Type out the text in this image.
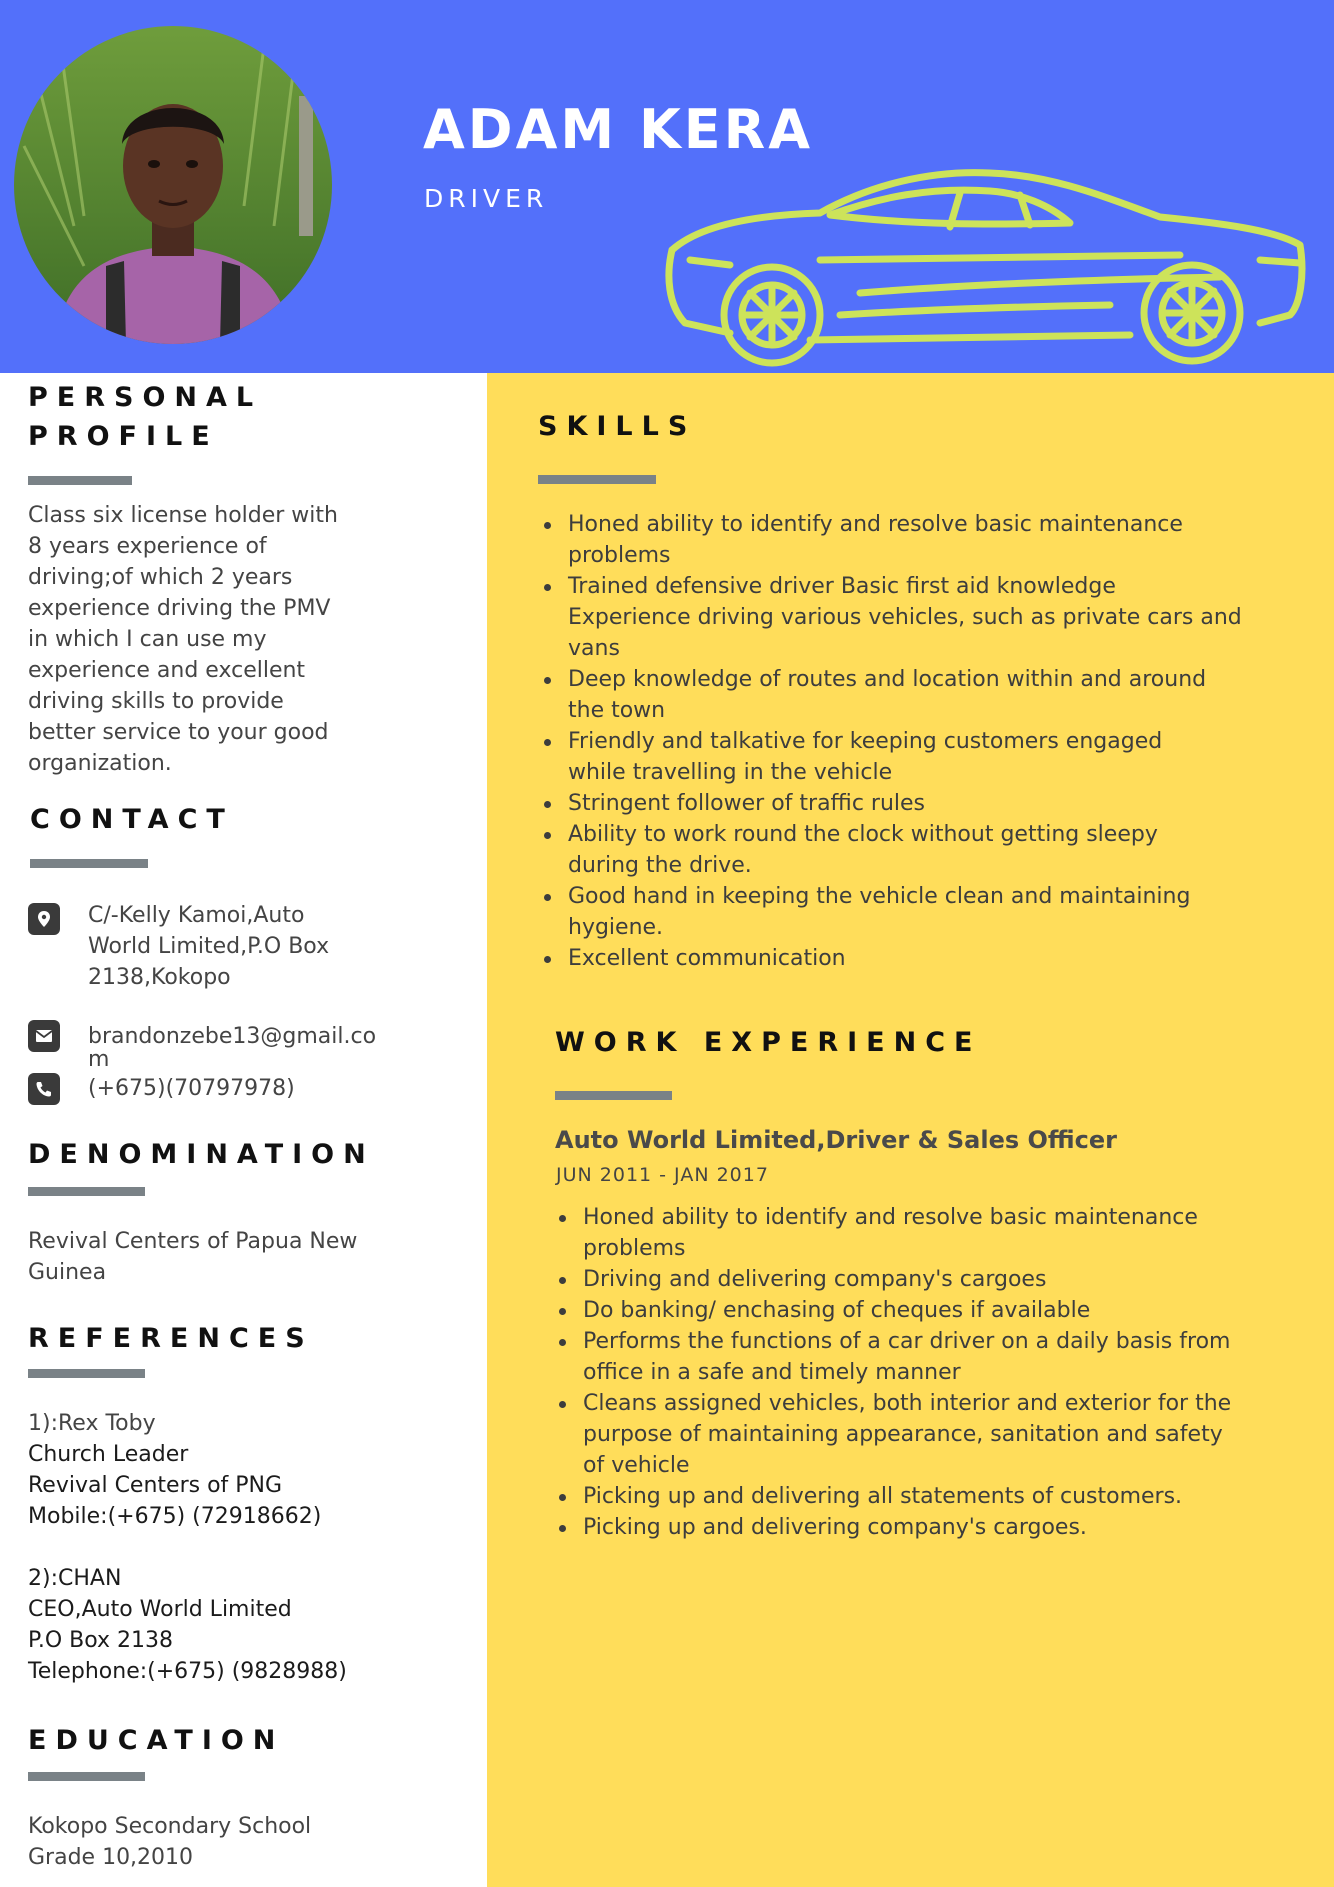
ADAM KERA
DRIVER
PERSONAL
PROFILE
Class six license holder with
8 years experience of
driving;of which 2 years
experience driving the PMV
in which I can use my
experience and excellent
driving skills to provide
better service to your good
organization.
CONTACT
C/-Kelly Kamoi,Auto
World Limited,P.O Box
2138,Kokopo
brandonzebe13@gmail.co
m
(+675)(70797978)
DENOMINATION
Revival Centers of Papua New
Guinea
REFERENCES
1):Rex Toby
Church Leader
Revival Centers of PNG
Mobile:(+675) (72918662)
2):CHAN
CEO,Auto World Limited
P.O Box 2138
Telephone:(+675) (9828988)
EDUCATION
Kokopo Secondary School
Grade 10,2010
SKILLS
Honed ability to identify and resolve basic maintenance
problems
Trained defensive driver Basic first aid knowledge
Experience driving various vehicles, such as private cars and
vans
Deep knowledge of routes and location within and around
the town
Friendly and talkative for keeping customers engaged
while travelling in the vehicle
Stringent follower of traffic rules
Ability to work round the clock without getting sleepy
during the drive.
Good hand in keeping the vehicle clean and maintaining
hygiene.
Excellent communication
WORK EXPERIENCE
Auto World Limited,Driver & Sales Officer
JUN 2011 - JAN 2017
Honed ability to identify and resolve basic maintenance
problems
Driving and delivering company's cargoes
Do banking/ enchasing of cheques if available
Performs the functions of a car driver on a daily basis from
office in a safe and timely manner
Cleans assigned vehicles, both interior and exterior for the
purpose of maintaining appearance, sanitation and safety
of vehicle
Picking up and delivering all statements of customers.
Picking up and delivering company's cargoes.
